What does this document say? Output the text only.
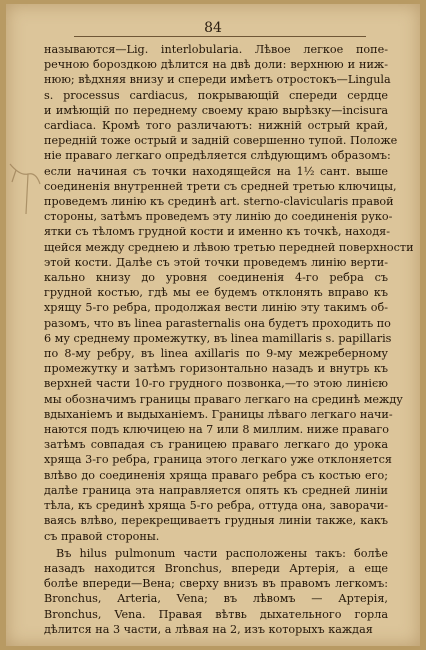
84
называются—Lig. interlobularia. Лѣвое легкое попе-
речною бороздкою дѣлится на двѣ доли: верхнюю и ниж-
нюю; вѣдхняя внизу и спереди имѣетъ отростокъ—Lingula
s. processus cardiacus, покрывающій спереди сердце
и имѣющій по переднему своему краю вырѣзку—incisura
cardiaca. Кромѣ того различаютъ: нижній острый край,
передній тоже острый и задній совершенно тупой. Положе
ніе праваго легкаго опредѣляется слѣдующимъ образомъ:
если начиная съ точки находящейся на 1½ сант. выше
соединенія внутренней трети съ средней третью ключицы,
проведемъ линію къ срединѣ art. sterno-clavicularis правой
стороны, затѣмъ проведемъ эту линію до соединенія руко-
ятки съ тѣломъ грудной кости и именно къ точкѣ, находя-
щейся между среднею и лѣвою третью передней поверхности
этой кости. Далѣе съ этой точки проведемъ линію верти-
кально книзу до уровня соединенія 4-го ребра съ
грудной костью, гдѣ мы ее будемъ отклонять вправо къ
хрящу 5-го ребра, продолжая вести линію эту такимъ об-
разомъ, что въ linea parasternalis она будетъ проходить по
6 му среднему промежутку, въ linea mamillaris s. papillaris
по 8-му ребру, въ linea axillaris по 9-му межреберному
промежутку и затѣмъ горизонтально назадъ и внутрь къ
верхней части 10-го грудного позвонка,—то этою линією
мы обозначимъ границы праваго легкаго на срединѣ между
вдыханіемъ и выдыханіемъ. Границы лѣваго легкаго начи-
наются подъ ключицею на 7 или 8 миллим. ниже праваго
затѣмъ совпадая съ границею праваго легкаго до урока
хряща 3-го ребра, граница этого легкаго уже отклоняется
влѣво до соединенія хряща праваго ребра съ костью его;
далѣе граница эта направляется опять къ средней линіи
тѣла, къ срединѣ хряща 5-го ребра, оттуда она, заворачи-
ваясь влѣво, перекрещиваетъ грудныя линіи также, какъ
съ правой стороны.
Въ hilus pulmonum части расположены такъ: болѣе
назадъ находится Bronchus, впереди Артерія, а еще
болѣе впереди—Вена; сверху внизъ въ правомъ легкомъ:
Bronchus, Arteria, Vena; въ лѣвомъ — Артерія,
Bronchus, Vena. Правая вѣтвь дыхательного горла
дѣлится на 3 части, а лѣвая на 2, изъ которыхъ каждая
